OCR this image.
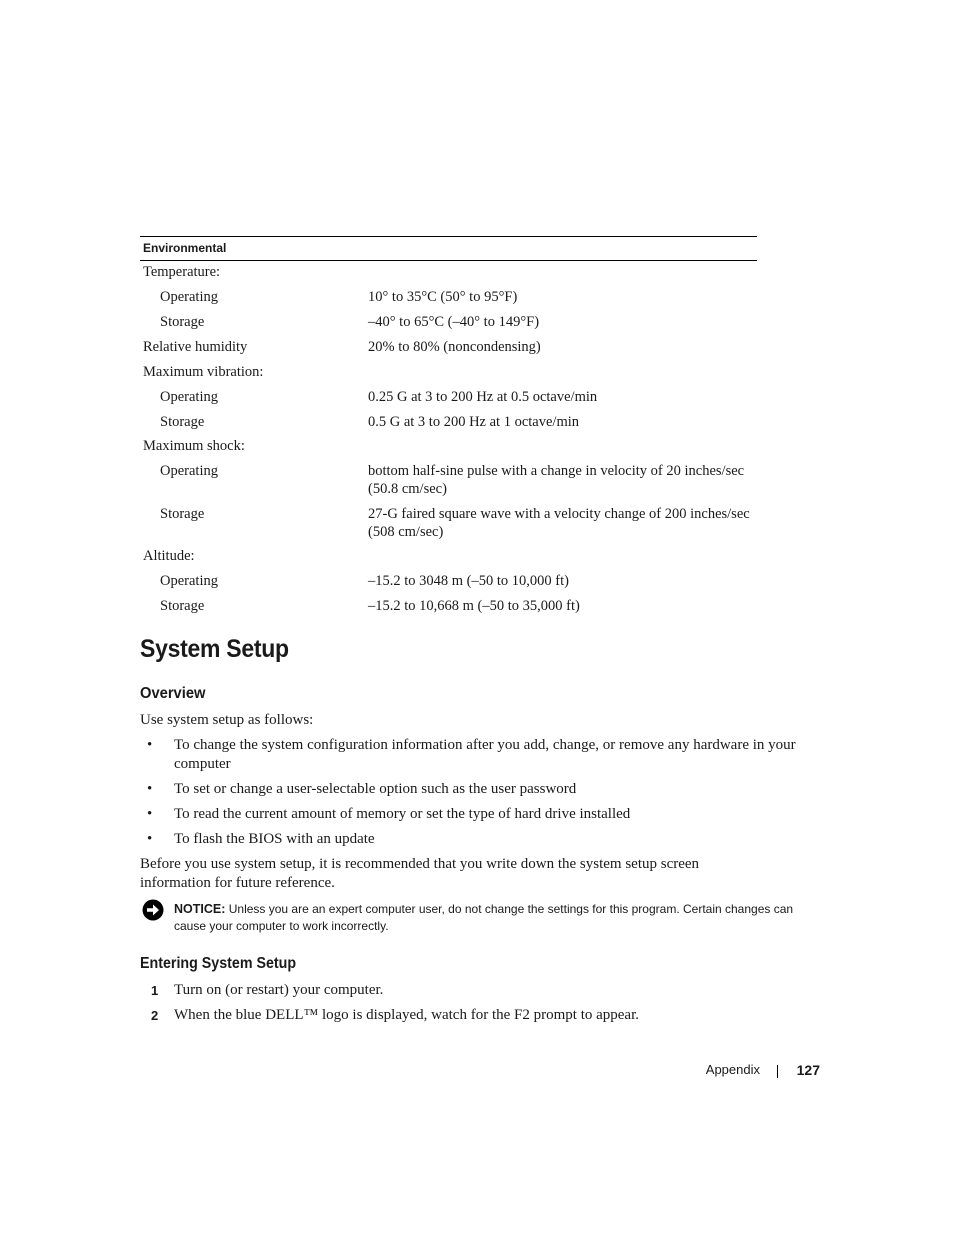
Environmental
Temperature:
Operating	10° to 35°C (50° to 95°F)
Storage	–40° to 65°C (–40° to 149°F)
Relative humidity	20% to 80% (noncondensing)
Maximum vibration:
Operating	0.25 G at 3 to 200 Hz at 0.5 octave/min
Storage	0.5 G at 3 to 200 Hz at 1 octave/min
Maximum shock:
Operating	bottom half-sine pulse with a change in velocity of 20 inches/sec (50.8 cm/sec)
Storage	27-G faired square wave with a velocity change of 200 inches/sec (508 cm/sec)
Altitude:
Operating	–15.2 to 3048 m (–50 to 10,000 ft)
Storage	–15.2 to 10,668 m (–50 to 35,000 ft)
System Setup
Overview

Use system setup as follows:

• To change the system configuration information after you add, change, or remove any hardware in your computer
• To set or change a user-selectable option such as the user password
• To read the current amount of memory or set the type of hard drive installed
• To flash the BIOS with an update

Before you use system setup, it is recommended that you write down the system setup screen information for future reference.

NOTICE: Unless you are an expert computer user, do not change the settings for this program. Certain changes can cause your computer to work incorrectly.
Entering System Setup
1 Turn on (or restart) your computer.
2 When the blue DELL™ logo is displayed, watch for the F2 prompt to appear.
Appendix	127
